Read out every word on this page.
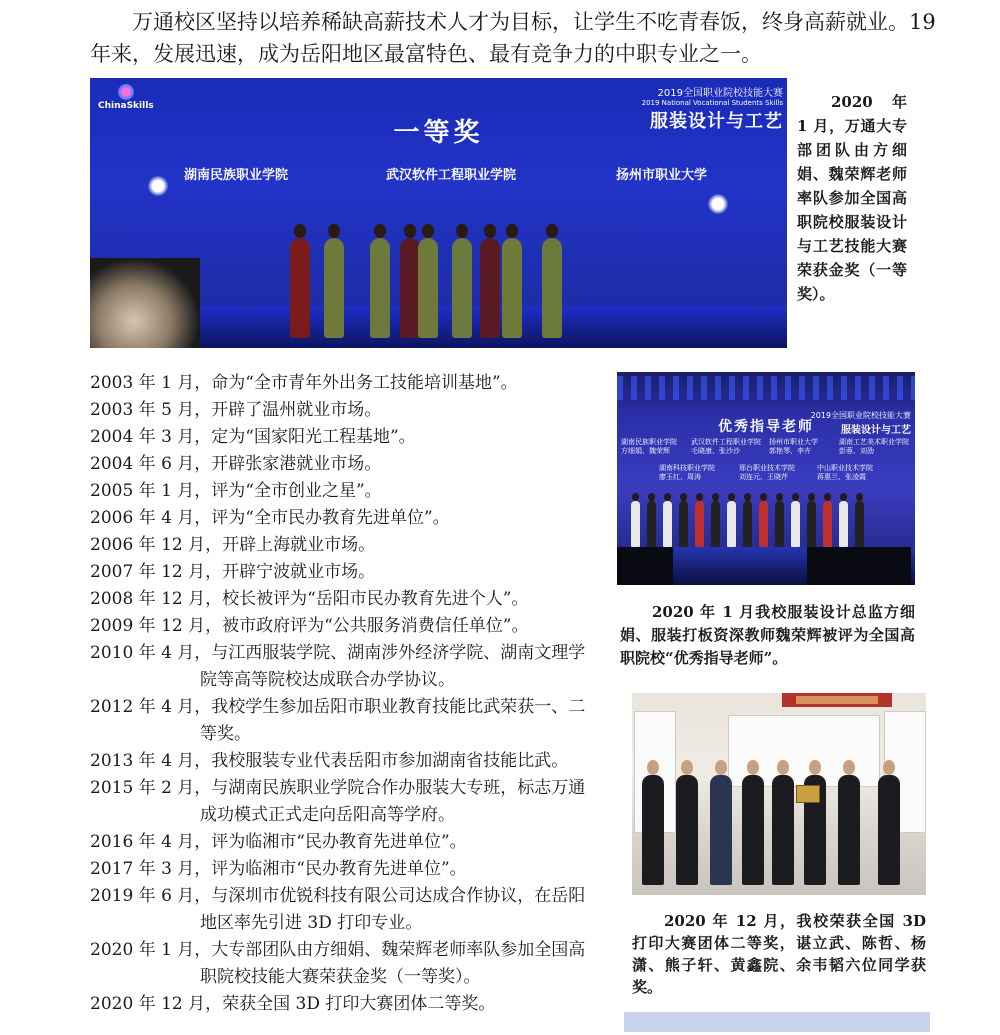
万通校区坚持以培养稀缺高薪技术人才为目标，让学生不吃青春饭，终身高薪就业。19 年来，发展迅速，成为岳阳地区最富特色、最有竞争力的中职专业之一。

ChinaSkills
2019全国职业院校技能大赛
2019 National Vocational Students Skills
服装设计与工艺
一等奖
湖南民族职业学院	武汉软件工程职业学院	扬州市职业大学

2020 年 1 月，万通大专部团队由方细娟、魏荣辉老师率队参加全国高职院校服装设计与工艺技能大赛荣获金奖（一等奖）。

2003 年 1 月，命为“全市青年外出务工技能培训基地”。
2003 年 5 月，开辟了温州就业市场。
2004 年 3 月，定为“国家阳光工程基地”。
2004 年 6 月，开辟张家港就业市场。
2005 年 1 月，评为“全市创业之星”。
2006 年 4 月，评为“全市民办教育先进单位”。
2006 年 12 月，开辟上海就业市场。
2007 年 12 月，开辟宁波就业市场。
2008 年 12 月，校长被评为“岳阳市民办教育先进个人”。
2009 年 12 月，被市政府评为“公共服务消费信任单位”。
2010 年 4 月，与江西服装学院、湖南涉外经济学院、湖南文理学
院等高等院校达成联合办学协议。
2012 年 4 月，我校学生参加岳阳市职业教育技能比武荣获一、二
等奖。
2013 年 4 月，我校服装专业代表岳阳市参加湖南省技能比武。
2015 年 2 月，与湖南民族职业学院合作办服装大专班，标志万通
成功模式正式走向岳阳高等学府。
2016 年 4 月，评为临湘市“民办教育先进单位”。
2017 年 3 月，评为临湘市“民办教育先进单位”。
2019 年 6 月，与深圳市优锐科技有限公司达成合作协议，在岳阳
地区率先引进 3D 打印专业。
2020 年 1 月，大专部团队由方细娟、魏荣辉老师率队参加全国高
职院校技能大赛荣获金奖（一等奖）。
2020 年 12 月，荣获全国 3D 打印大赛团体二等奖。
优秀指导老师
2019全国职业院校技能大赛
服装设计与工艺
湖南民族职业学院
方细娟、魏荣辉
武汉软件工程职业学院
毛晓康、张沙沙
扬州市职业大学
郭艳琴、李卉
湖南工艺美术职业学院
彭蓉、刘劭
湖南科技职业学院
廖玉红、周涛
邢台职业技术学院
刘连元、王晓芹
中山职业技术学院
蒋惠兰、张凌霞

2020 年 1 月我校服装设计总监方细娟、服装打板资深教师魏荣辉被评为全国高职院校“优秀指导老师”。

2020 年 12 月，我校荣获全国 3D 打印大赛团体二等奖，谌立武、陈哲、杨潇、熊子轩、黄鑫院、余韦韬六位同学获奖。
